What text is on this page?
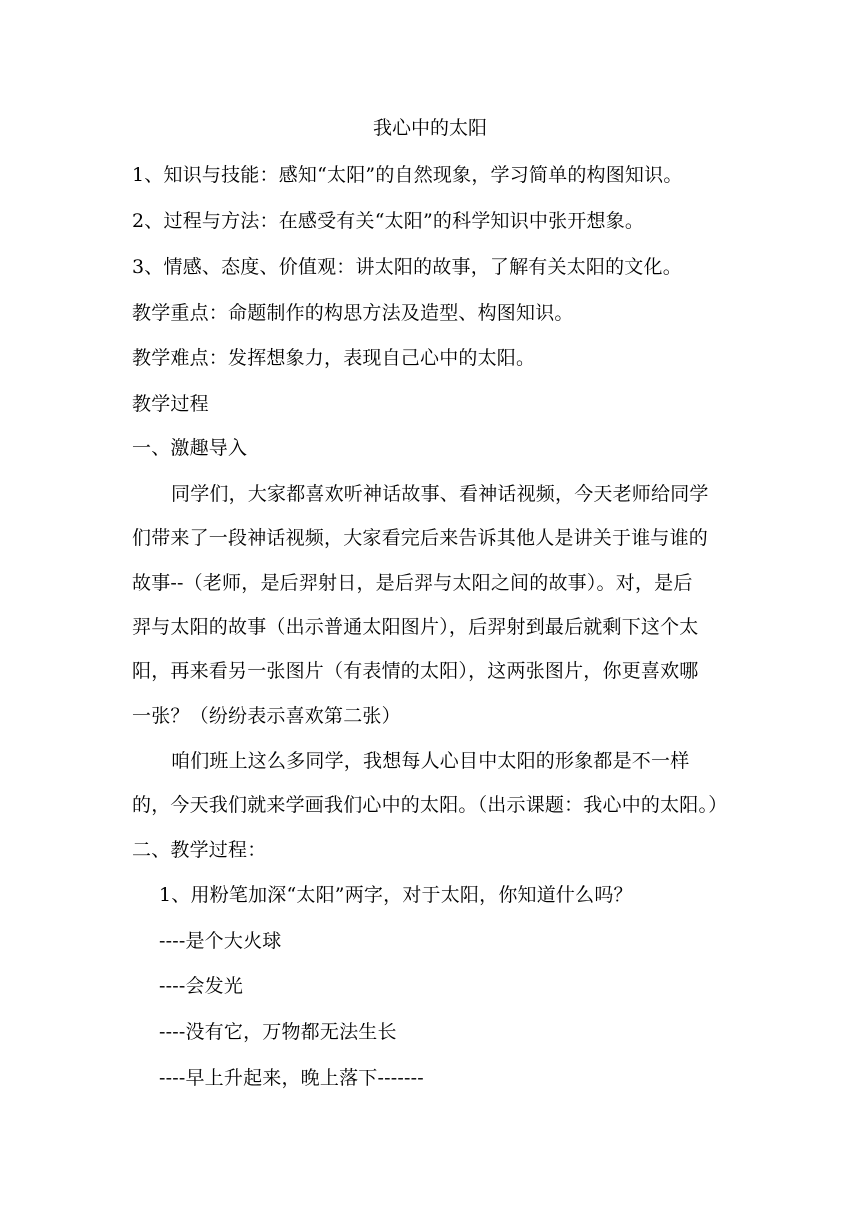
我心中的太阳
1、知识与技能：感知“太阳”的自然现象，学习简单的构图知识。
2、过程与方法：在感受有关“太阳”的科学知识中张开想象。
3、情感、态度、价值观：讲太阳的故事，了解有关太阳的文化。
教学重点：命题制作的构思方法及造型、构图知识。
教学难点：发挥想象力，表现自己心中的太阳。
教学过程
一、激趣导入
同学们，大家都喜欢听神话故事、看神话视频，今天老师给同学
们带来了一段神话视频，大家看完后来告诉其他人是讲关于谁与谁的
故事--（老师，是后羿射日，是后羿与太阳之间的故事）。对，是后
羿与太阳的故事（出示普通太阳图片），后羿射到最后就剩下这个太
阳，再来看另一张图片（有表情的太阳），这两张图片，你更喜欢哪
一张？（纷纷表示喜欢第二张）
咱们班上这么多同学，我想每人心目中太阳的形象都是不一样
的，今天我们就来学画我们心中的太阳。（出示课题：我心中的太阳。）
二、教学过程：
1、用粉笔加深“太阳”两字，对于太阳，你知道什么吗？
----是个大火球
----会发光
----没有它，万物都无法生长
----早上升起来，晚上落下-------
